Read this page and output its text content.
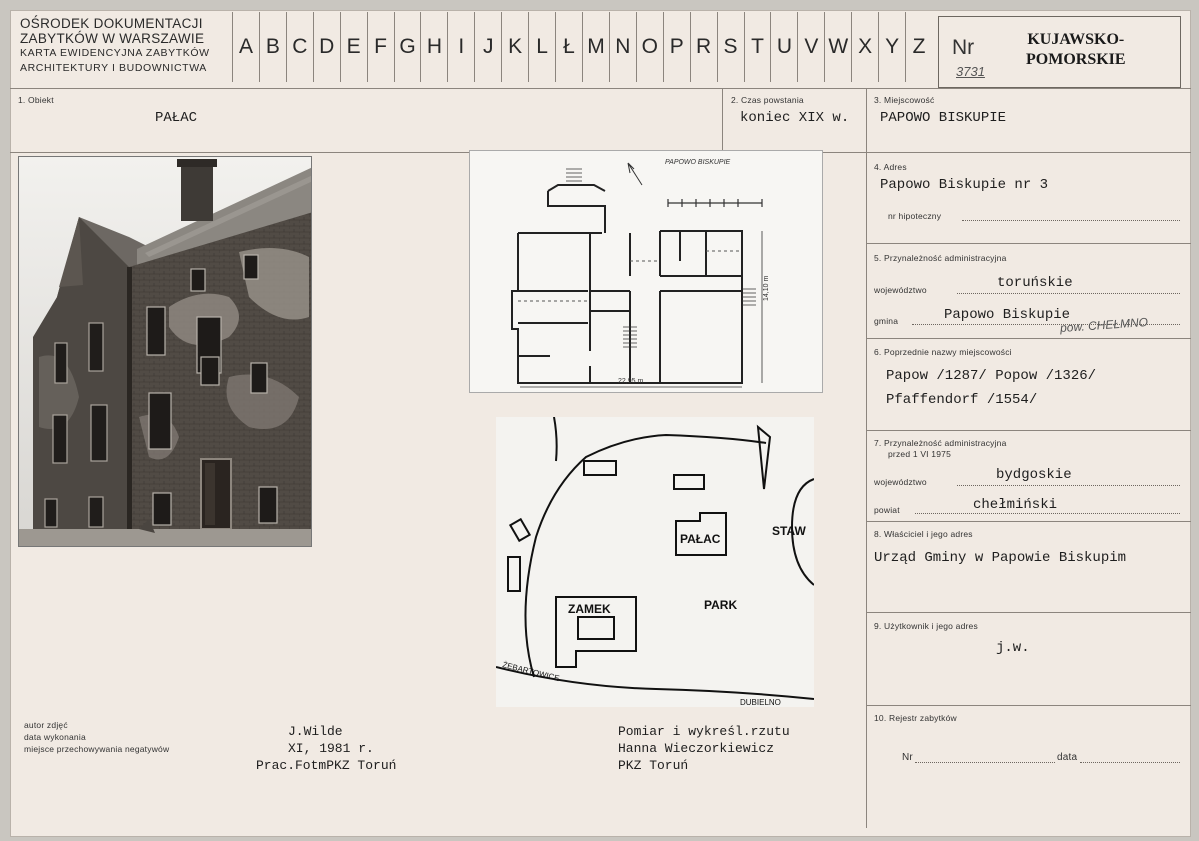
OŚRODEK DOKUMENTACJI
ZABYTKÓW W WARSZAWIE
KARTA EWIDENCYJNA ZABYTKÓW
ARCHITEKTURY I BUDOWNICTWA
A B C D E F G H I J K L Ł M N O P R S T U V W X Y Z	Nr
3731
KUJAWSKO-
POMORSKIE
1. Obiekt
PAŁAC
2. Czas powstania
koniec XIX w.
3. Miejscowość
PAPOWO BISKUPIE
4. Adres
Papowo Biskupie nr 3
nr hipoteczny
5. Przynależność administracyjna
województwo	toruńskie
gmina	Papowo Biskupie
pow. CHEŁMNO
6. Poprzednie nazwy miejscowości
Papow /1287/ Popow /1326/
Pfaffendorf /1554/
7. Przynależność administracyjna
przed 1 VI 1975
województwo	bydgoskie
powiat	chełmiński
8. Właściciel i jego adres
Urząd Gminy w Papowie Biskupim
9. Użytkownik i jego adres
j.w.
10. Rejestr zabytków
Nr	data
PAPOWO BISKUPIE
22,95 m
14,10 m
PAŁAC
STAW
ZAMEK	PARK
ŻEBARTOWICE
DUBIELNO
autor zdjęć
data wykonania
miejsce przechowywania negatywów
J.Wilde
XI, 1981 r.
Prac.FotmPKZ Toruń
Pomiar i wykreśl.rzutu
Hanna Wieczorkiewicz
PKZ Toruń
